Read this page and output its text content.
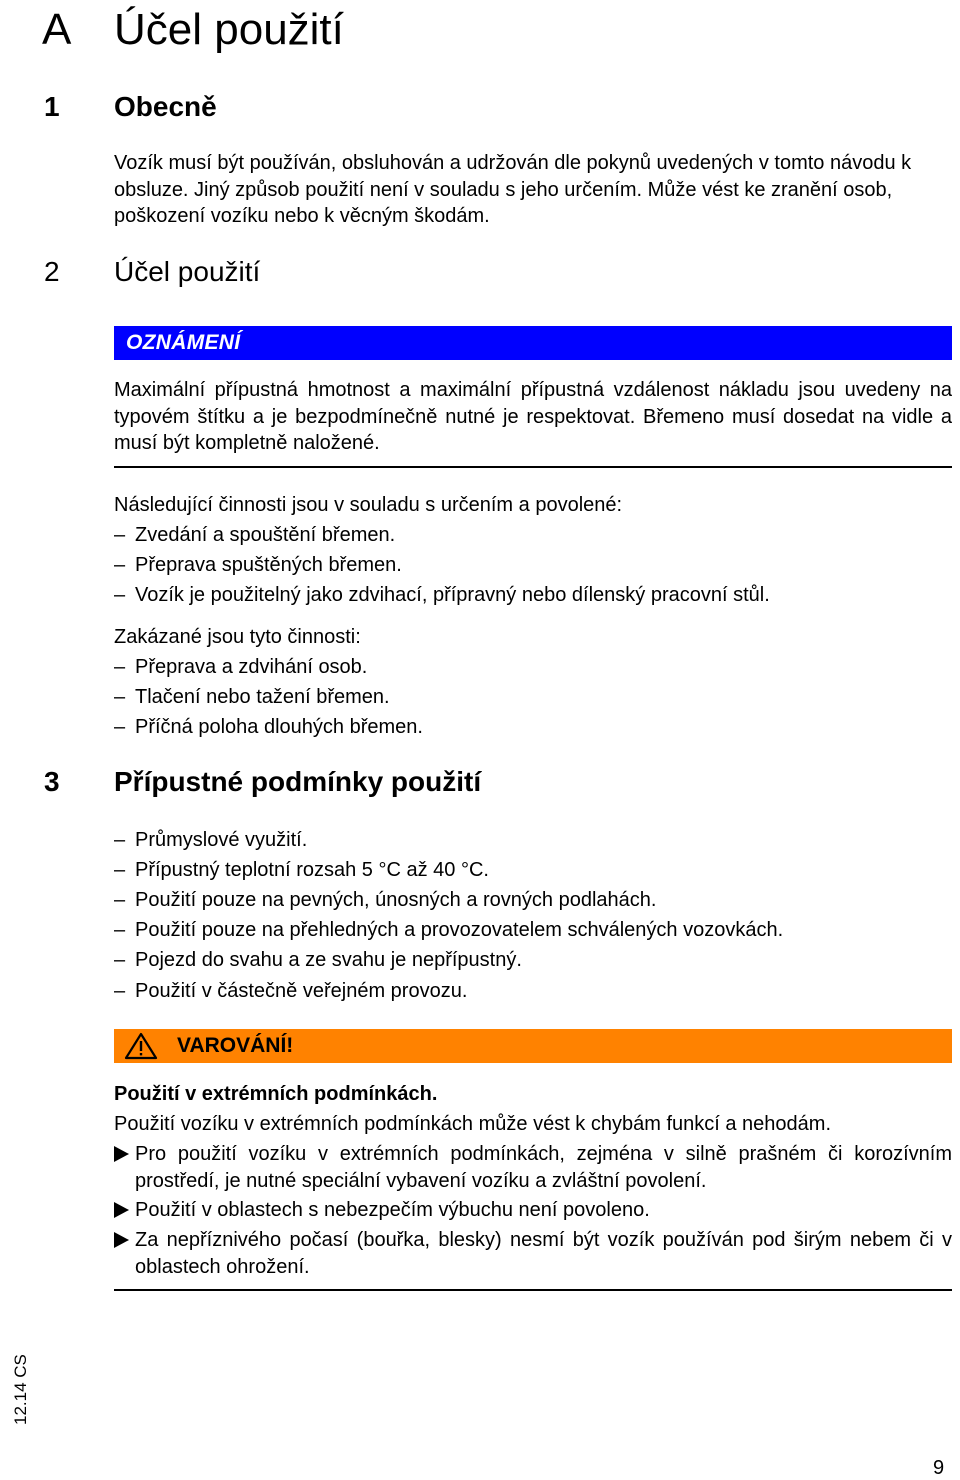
A Účel použití
1 Obecně
Vozík musí být používán, obsluhován a udržován dle pokynů uvedených v tomto návodu k obsluze. Jiný způsob použití není v souladu s jeho určením. Může vést ke zranění osob, poškození vozíku nebo k věcným škodám.
2 Účel použití
OZNÁMENÍ
Maximální přípustná hmotnost a maximální přípustná vzdálenost nákladu jsou uvedeny na typovém štítku a je bezpodmínečně nutné je respektovat. Břemeno musí dosedat na vidle a musí být kompletně naložené.
Následující činnosti jsou v souladu s určením a povolené:
– Zvedání a spouštění břemen.
– Přeprava spuštěných břemen.
– Vozík je použitelný jako zdvihací, přípravný nebo dílenský pracovní stůl.
Zakázané jsou tyto činnosti:
– Přeprava a zdvihání osob.
– Tlačení nebo tažení břemen.
– Příčná poloha dlouhých břemen.
3 Přípustné podmínky použití
– Průmyslové využití.
– Přípustný teplotní rozsah 5 °C až 40 °C.
– Použití pouze na pevných, únosných a rovných podlahách.
– Použití pouze na přehledných a provozovatelem schválených vozovkách.
– Pojezd do svahu a ze svahu je nepřípustný.
– Použití v částečně veřejném provozu.
VAROVÁNÍ!
Použití v extrémních podmínkách.
Použití vozíku v extrémních podmínkách může vést k chybám funkcí a nehodám.
Pro použití vozíku v extrémních podmínkách, zejména v silně prašném či korozívním prostředí, je nutné speciální vybavení vozíku a zvláštní povolení.
Použití v oblastech s nebezpečím výbuchu není povoleno.
Za nepříznivého počasí (bouřka, blesky) nesmí být vozík používán pod širým nebem či v oblastech ohrožení.
12.14 CS
9
